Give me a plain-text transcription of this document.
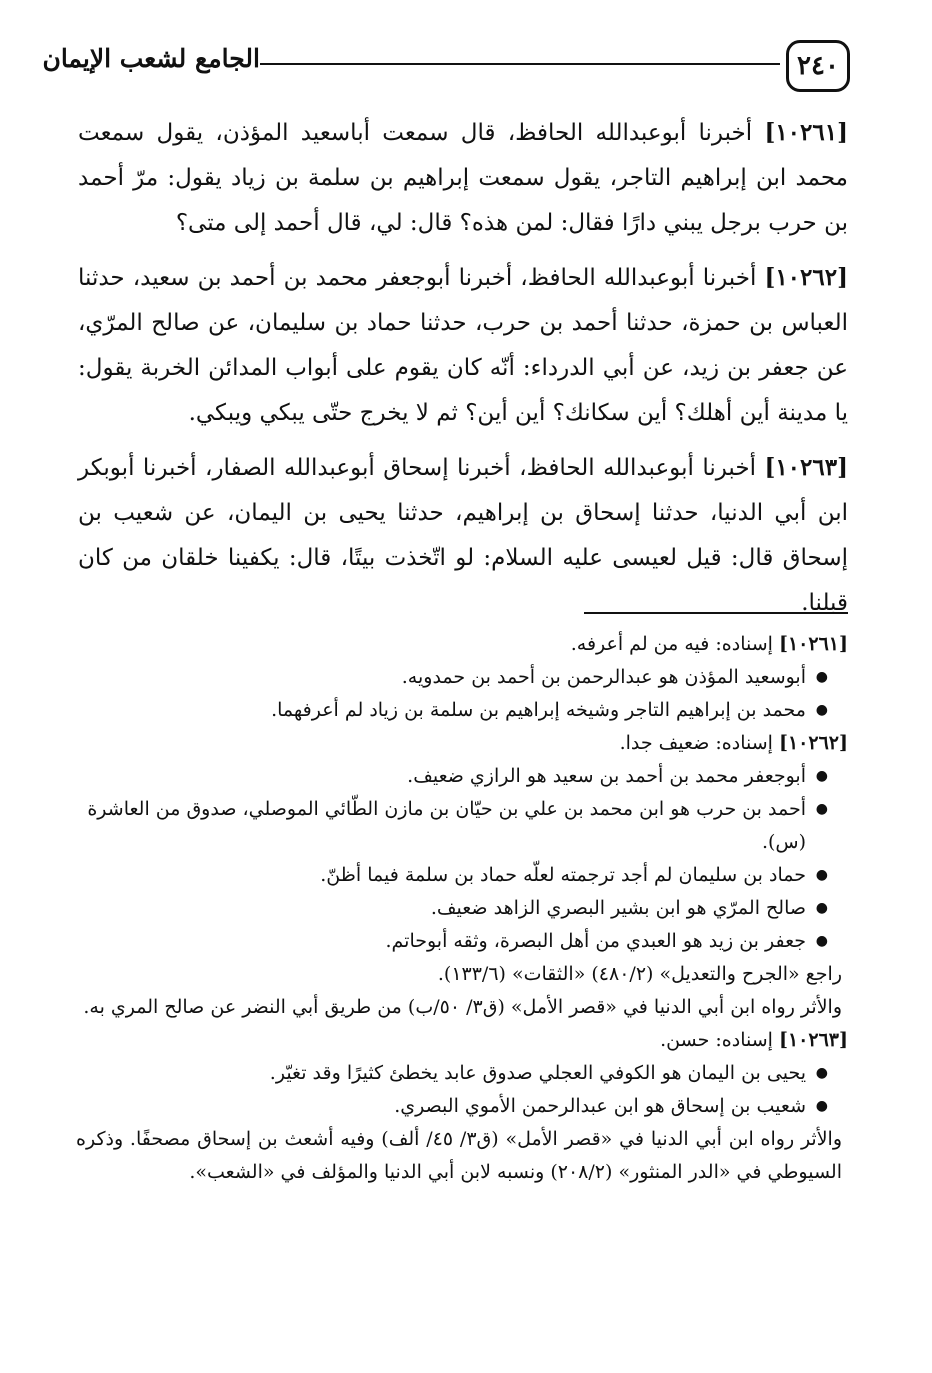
٢٤٠
الجامع لشعب الإيمان

[١٠٢٦١] أخبرنا أبوعبدالله الحافظ، قال سمعت أباسعيد المؤذن، يقول سمعت محمد ابن إبراهيم التاجر، يقول سمعت إبراهيم بن سلمة بن زياد يقول: مرّ أحمد بن حرب برجل يبني دارًا فقال: لمن هذه؟ قال: لي، قال أحمد إلى متى؟

[١٠٢٦٢] أخبرنا أبوعبدالله الحافظ، أخبرنا أبوجعفر محمد بن أحمد بن سعيد، حدثنا العباس بن حمزة، حدثنا أحمد بن حرب، حدثنا حماد بن سليمان، عن صالح المرّي، عن جعفر بن زيد، عن أبي الدرداء: أنّه كان يقوم على أبواب المدائن الخربة يقول: يا مدينة أين أهلك؟ أين سكانك؟ أين أين؟ ثم لا يخرج حتّى يبكي ويبكي.

[١٠٢٦٣] أخبرنا أبوعبدالله الحافظ، أخبرنا إسحاق أبوعبدالله الصفار، أخبرنا أبوبكر ابن أبي الدنيا، حدثنا إسحاق بن إبراهيم، حدثنا يحيى بن اليمان، عن شعيب بن إسحاق قال: قيل لعيسى عليه السلام: لو اتّخذت بيتًا، قال: يكفينا خلقان من كان قبلنا.

[١٠٢٦١] إسناده: فيه من لم أعرفه.

● أبوسعيد المؤذن هو عبدالرحمن بن أحمد بن حمدويه.
● محمد بن إبراهيم التاجر وشيخه إبراهيم بن سلمة بن زياد لم أعرفهما.

[١٠٢٦٢] إسناده: ضعيف جدا.

● أبوجعفر محمد بن أحمد بن سعيد هو الرازي ضعيف.
● أحمد بن حرب هو ابن محمد بن علي بن حيّان بن مازن الطّائي الموصلي، صدوق من العاشرة (س).
● حماد بن سليمان لم أجد ترجمته لعلّه حماد بن سلمة فيما أظنّ.
● صالح المرّي هو ابن بشير البصري الزاهد ضعيف.
● جعفر بن زيد هو العبدي من أهل البصرة، وثقه أبوحاتم.

راجع «الجرح والتعديل» (٤٨٠/٢) «الثقات» (١٣٣/٦).

والأثر رواه ابن أبي الدنيا في «قصر الأمل» (ق٣/ ٥٠/ب) من طريق أبي النضر عن صالح المري به.

[١٠٢٦٣] إسناده: حسن.

● يحيى بن اليمان هو الكوفي العجلي صدوق عابد يخطئ كثيرًا وقد تغيّر.
● شعيب بن إسحاق هو ابن عبدالرحمن الأموي البصري.

والأثر رواه ابن أبي الدنيا في «قصر الأمل» (ق٣/ ٤٥/ ألف) وفيه أشعث بن إسحاق مصحفًا. وذكره السيوطي في «الدر المنثور» (٢٠٨/٢) ونسبه لابن أبي الدنيا والمؤلف في «الشعب».
